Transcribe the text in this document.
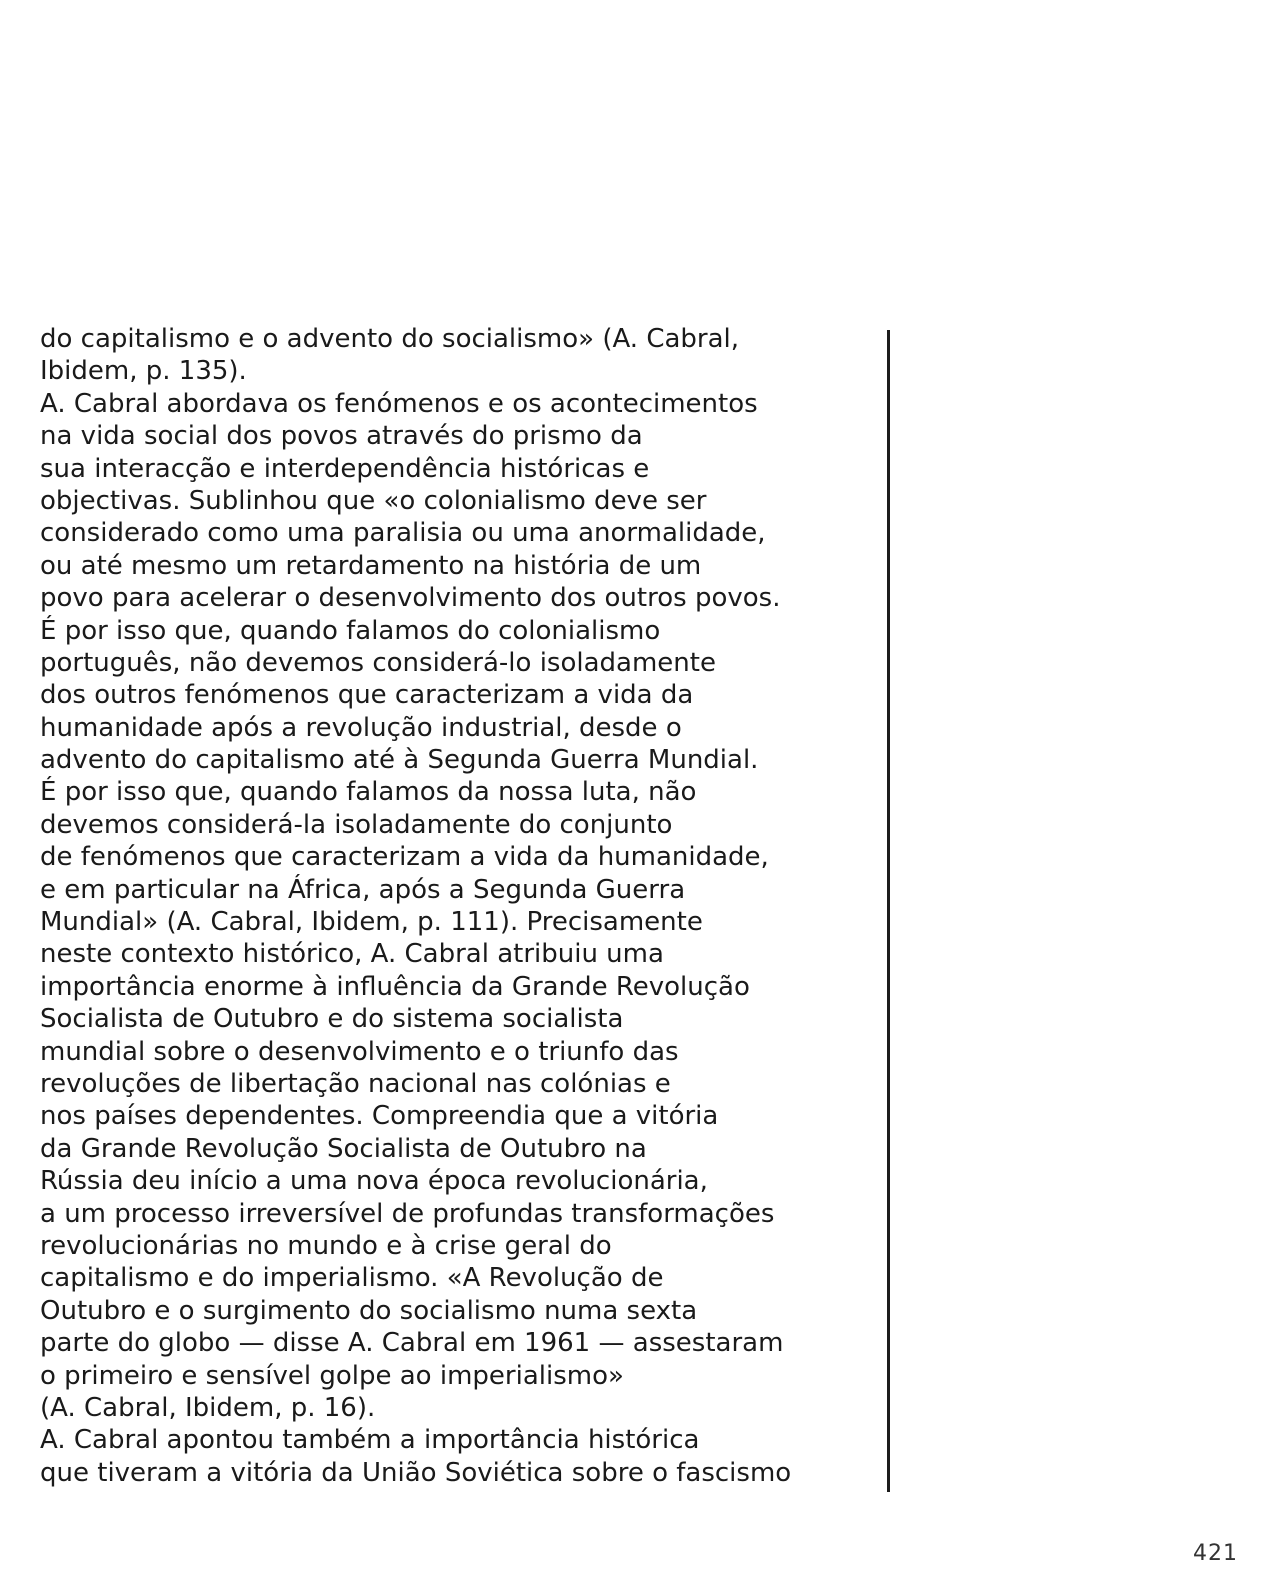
do capitalismo e o advento do socialismo» (A. Cabral,
Ibidem, p. 135).
A. Cabral abordava os fenómenos e os acontecimentos
na vida social dos povos através do prismo da
sua interacção e interdependência históricas e
objectivas. Sublinhou que «o colonialismo deve ser
considerado como uma paralisia ou uma anormalidade,
ou até mesmo um retardamento na história de um
povo para acelerar o desenvolvimento dos outros povos.
É por isso que, quando falamos do colonialismo
português, não devemos considerá-lo isoladamente
dos outros fenómenos que caracterizam a vida da
humanidade após a revolução industrial, desde o
advento do capitalismo até à Segunda Guerra Mundial.
É por isso que, quando falamos da nossa luta, não
devemos considerá-la isoladamente do conjunto
de fenómenos que caracterizam a vida da humanidade,
e em particular na África, após a Segunda Guerra
Mundial» (A. Cabral, Ibidem, p. 111). Precisamente
neste contexto histórico, A. Cabral atribuiu uma
importância enorme à influência da Grande Revolução
Socialista de Outubro e do sistema socialista
mundial sobre o desenvolvimento e o triunfo das
revoluções de libertação nacional nas colónias e
nos países dependentes. Compreendia que a vitória
da Grande Revolução Socialista de Outubro na
Rússia deu início a uma nova época revolucionária,
a um processo irreversível de profundas transformações
revolucionárias no mundo e à crise geral do
capitalismo e do imperialismo. «A Revolução de
Outubro e o surgimento do socialismo numa sexta
parte do globo — disse A. Cabral em 1961 — assestaram
o primeiro e sensível golpe ao imperialismo»
(A. Cabral, Ibidem, p. 16).
A. Cabral apontou também a importância histórica
que tiveram a vitória da União Soviética sobre o fascismo
421
